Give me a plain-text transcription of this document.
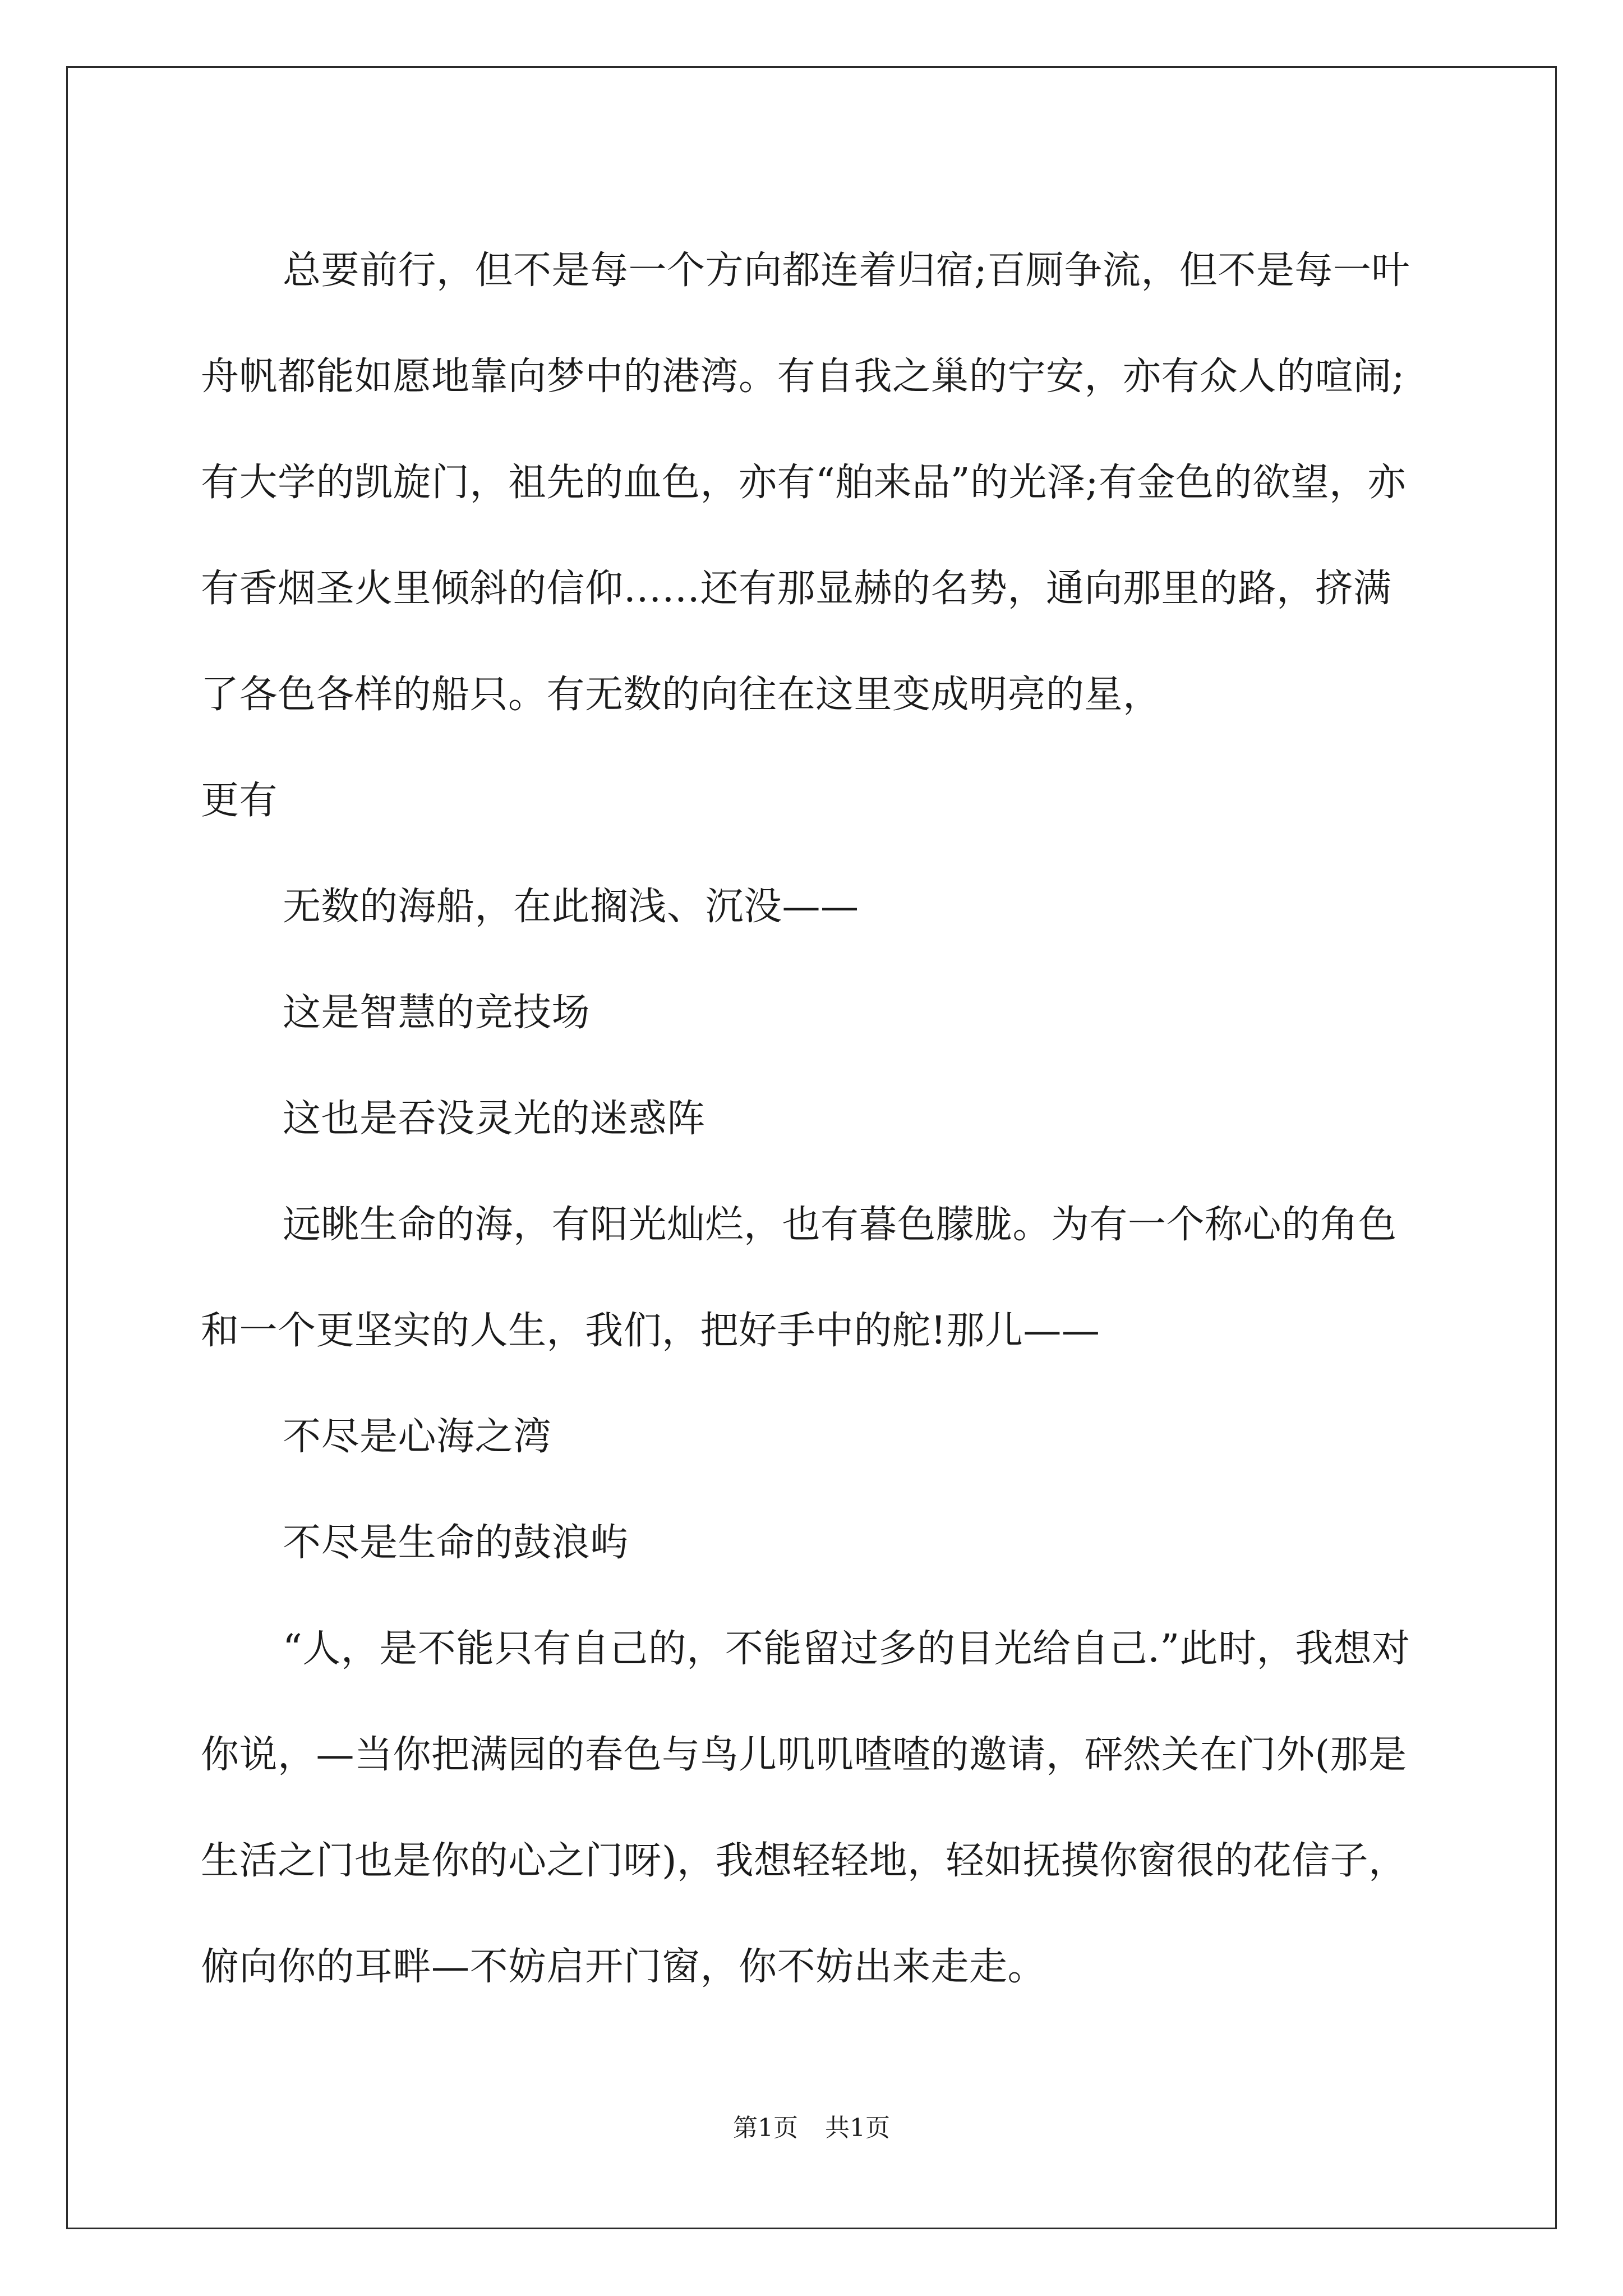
总要前行，但不是每一个方向都连着归宿;百厕争流，但不是每一叶舟帆都能如愿地靠向梦中的港湾。有自我之巢的宁安，亦有众人的喧闹;有大学的凯旋门，祖先的血色，亦有“舶来品”的光泽;有金色的欲望，亦有香烟圣火里倾斜的信仰……还有那显赫的名势，通向那里的路，挤满了各色各样的船只。有无数的向往在这里变成明亮的星，

更有

无数的海船，在此搁浅、沉没——

这是智慧的竞技场

这也是吞没灵光的迷惑阵

远眺生命的海，有阳光灿烂，也有暮色朦胧。为有一个称心的角色和一个更坚实的人生，我们，把好手中的舵!那儿——

不尽是心海之湾

不尽是生命的鼓浪屿

“人，是不能只有自己的，不能留过多的目光给自己.”此时，我想对你说，—当你把满园的春色与鸟儿叽叽喳喳的邀请，砰然关在门外(那是生活之门也是你的心之门呀)，我想轻轻地，轻如抚摸你窗很的花信子，俯向你的耳畔—不妨启开门窗，你不妨出来走走。

第1页 共1页
